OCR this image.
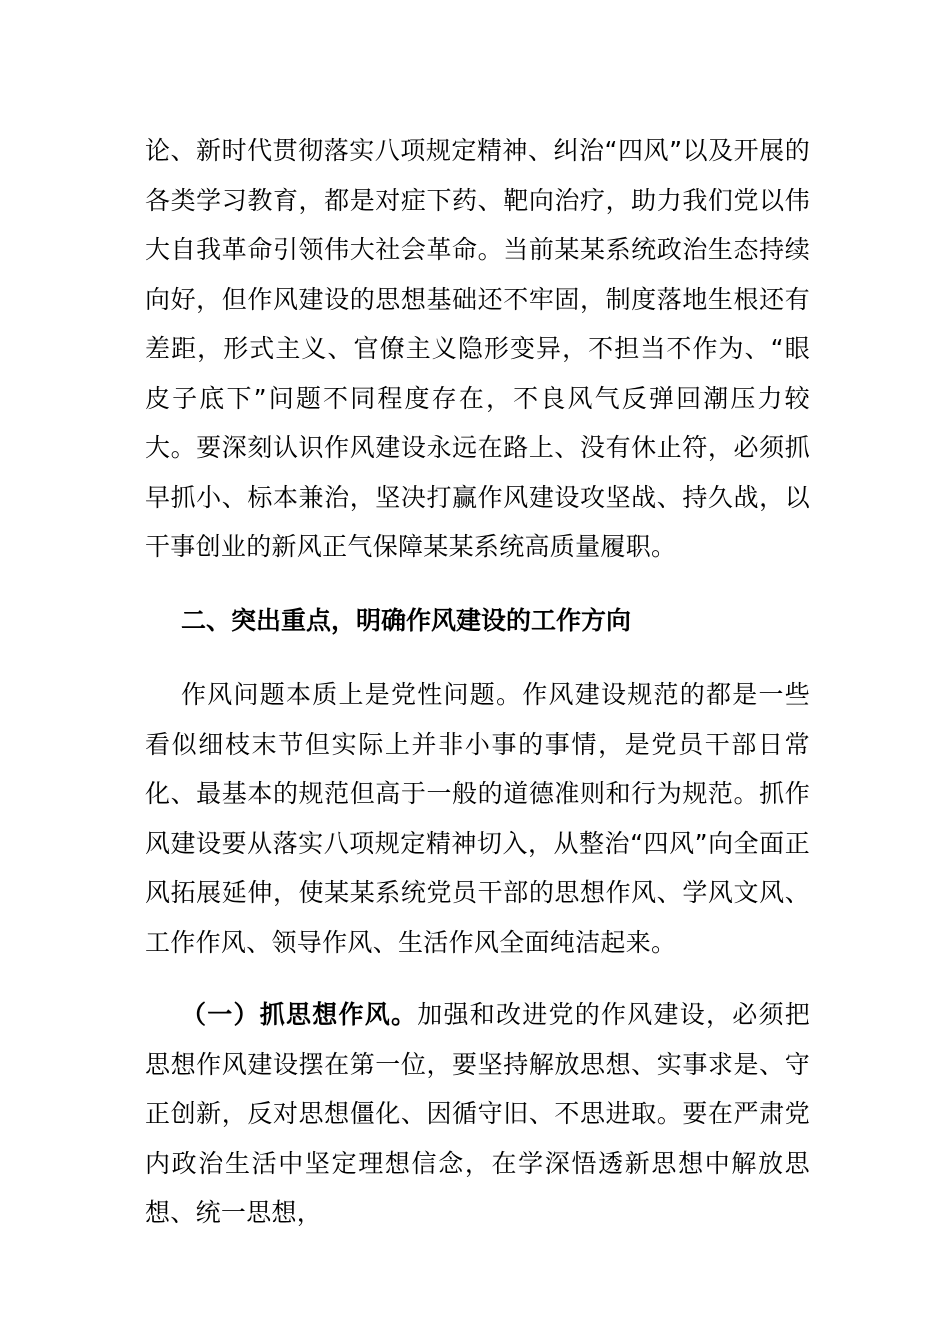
论、新时代贯彻落实八项规定精神、纠治“四风”以及开展的各类学习教育，都是对症下药、靶向治疗，助力我们党以伟大自我革命引领伟大社会革命。当前某某系统政治生态持续向好，但作风建设的思想基础还不牢固，制度落地生根还有差距，形式主义、官僚主义隐形变异，不担当不作为、“眼皮子底下”问题不同程度存在，不良风气反弹回潮压力较大。要深刻认识作风建设永远在路上、没有休止符，必须抓早抓小、标本兼治，坚决打赢作风建设攻坚战、持久战，以干事创业的新风正气保障某某系统高质量履职。

二、突出重点，明确作风建设的工作方向

作风问题本质上是党性问题。作风建设规范的都是一些看似细枝末节但实际上并非小事的事情，是党员干部日常化、最基本的规范但高于一般的道德准则和行为规范。抓作风建设要从落实八项规定精神切入，从整治“四风”向全面正风拓展延伸，使某某系统党员干部的思想作风、学风文风、工作作风、领导作风、生活作风全面纯洁起来。

（一）抓思想作风。加强和改进党的作风建设，必须把思想作风建设摆在第一位，要坚持解放思想、实事求是、守正创新，反对思想僵化、因循守旧、不思进取。要在严肃党内政治生活中坚定理想信念，在学深悟透新思想中解放思想、统一思想，
